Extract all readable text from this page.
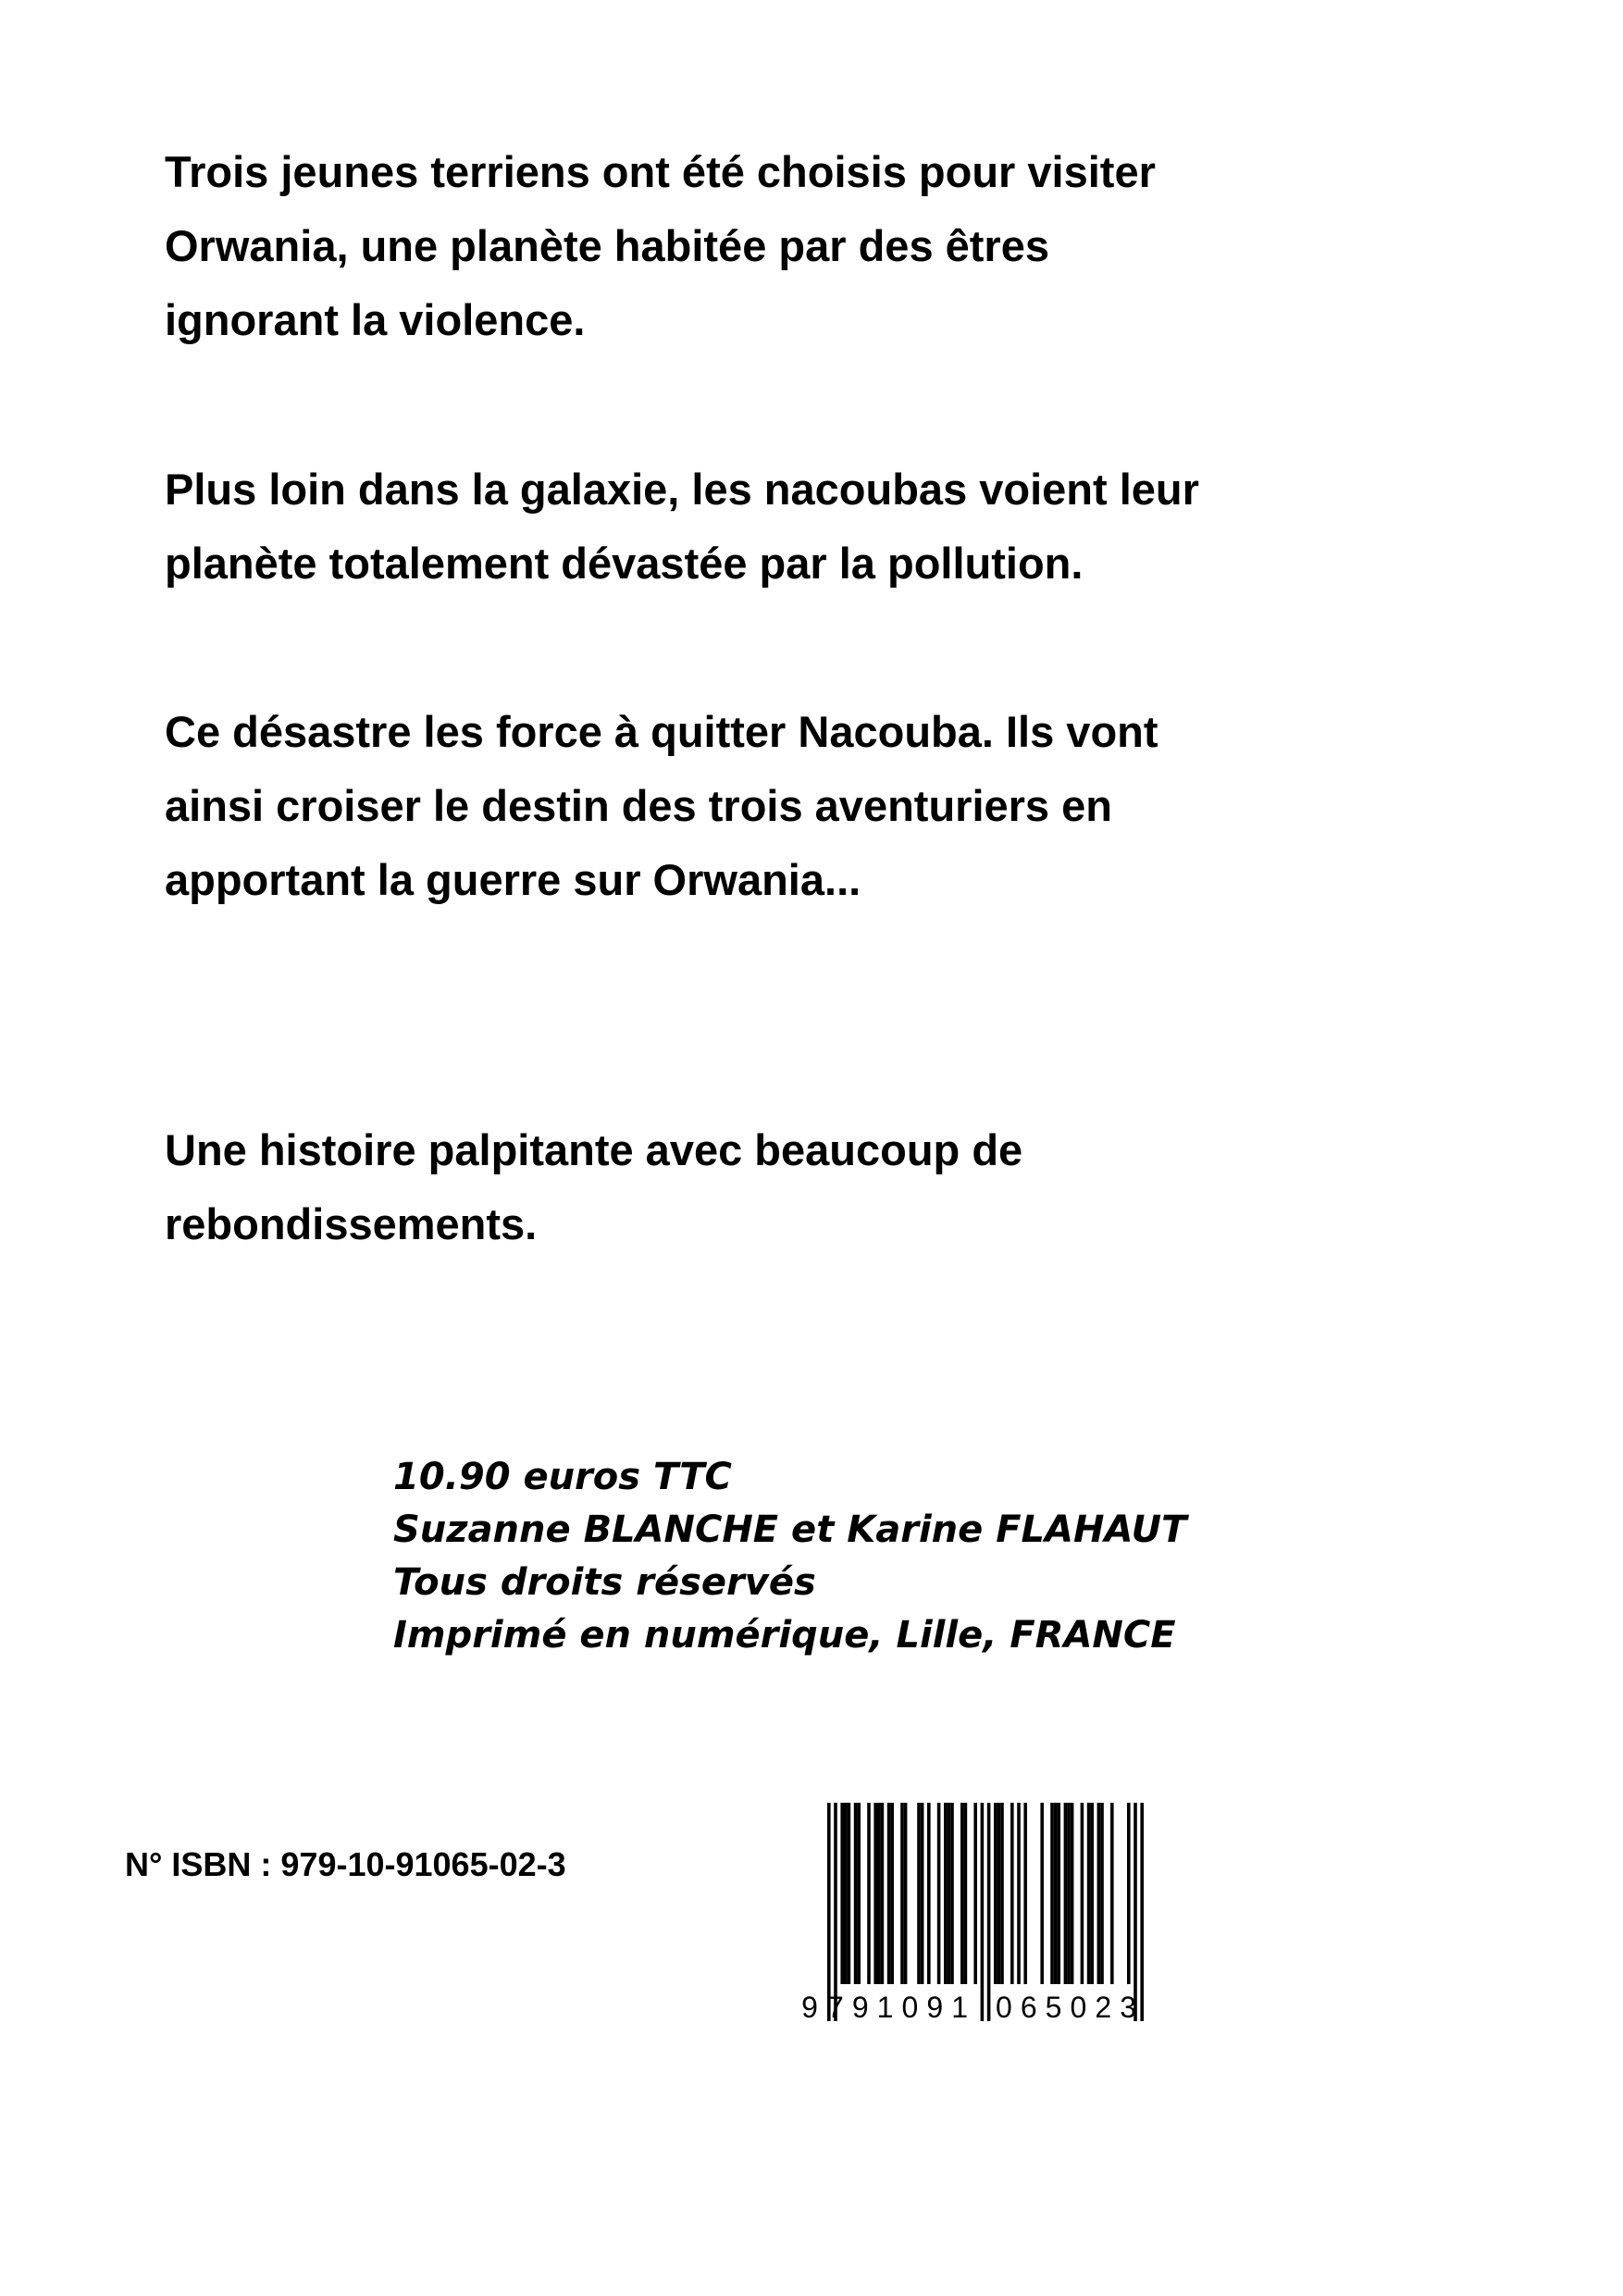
Trois jeunes terriens ont été choisis pour visiter
Orwania, une planète habitée par des êtres
ignorant la violence.
Plus loin dans la galaxie, les nacoubas voient leur
planète totalement dévastée par la pollution.
Ce désastre les force à quitter Nacouba. Ils vont
ainsi croiser le destin des trois aventuriers en
apportant la guerre sur Orwania...
Une histoire palpitante avec beaucoup de
rebondissements.
10.90 euros TTC
Suzanne BLANCHE et Karine FLAHAUT
Tous droits réservés
Imprimé en numérique, Lille, FRANCE
N° ISBN : 979-10-91065-02-3
9 791091 065023
